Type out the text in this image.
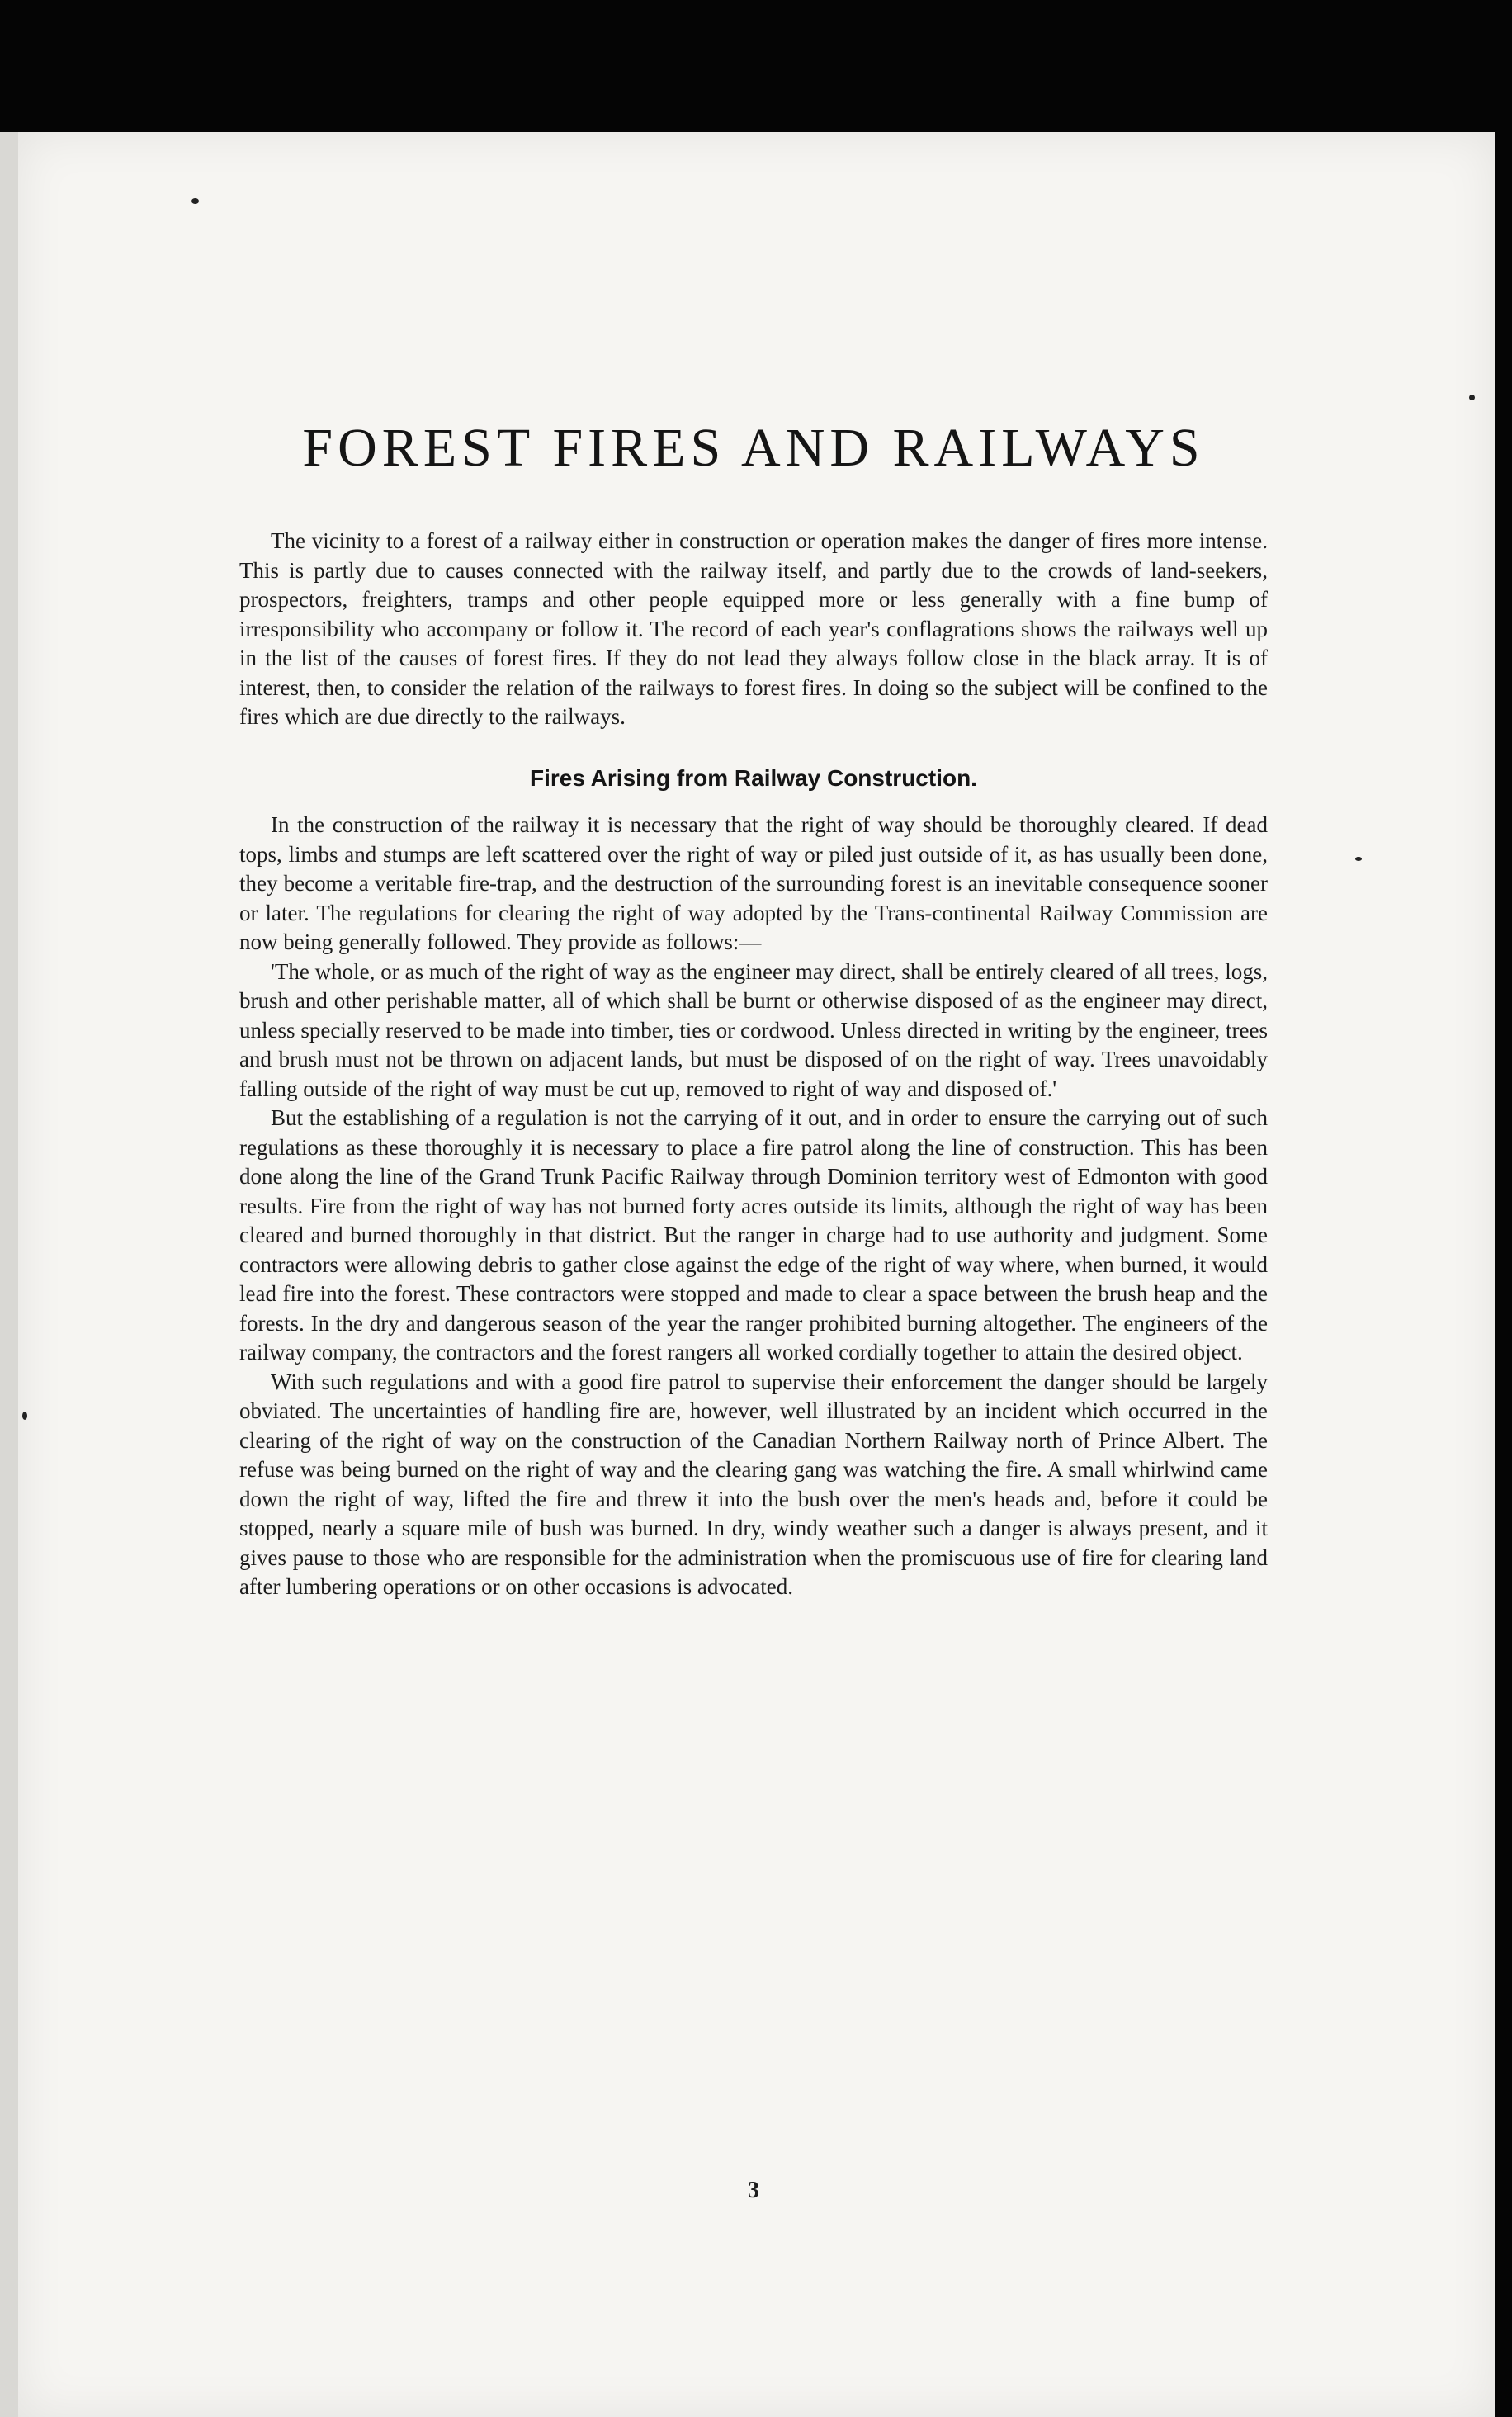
FOREST FIRES AND RAILWAYS

The vicinity to a forest of a railway either in construction or operation makes the danger of fires more intense. This is partly due to causes connected with the railway itself, and partly due to the crowds of land-seekers, prospectors, freighters, tramps and other people equipped more or less generally with a fine bump of irresponsibility who accompany or follow it. The record of each year's conflagrations shows the railways well up in the list of the causes of forest fires. If they do not lead they always follow close in the black array. It is of interest, then, to consider the relation of the railways to forest fires. In doing so the subject will be confined to the fires which are due directly to the railways.

Fires Arising from Railway Construction.

In the construction of the railway it is necessary that the right of way should be thoroughly cleared. If dead tops, limbs and stumps are left scattered over the right of way or piled just outside of it, as has usually been done, they become a veritable fire-trap, and the destruction of the surrounding forest is an inevitable consequence sooner or later. The regulations for clearing the right of way adopted by the Trans-continental Railway Commission are now being generally followed. They provide as follows:—

'The whole, or as much of the right of way as the engineer may direct, shall be entirely cleared of all trees, logs, brush and other perishable matter, all of which shall be burnt or otherwise disposed of as the engineer may direct, unless specially reserved to be made into timber, ties or cordwood. Unless directed in writing by the engineer, trees and brush must not be thrown on adjacent lands, but must be disposed of on the right of way. Trees unavoidably falling outside of the right of way must be cut up, removed to right of way and disposed of.'

But the establishing of a regulation is not the carrying of it out, and in order to ensure the carrying out of such regulations as these thoroughly it is necessary to place a fire patrol along the line of construction. This has been done along the line of the Grand Trunk Pacific Railway through Dominion territory west of Edmonton with good results. Fire from the right of way has not burned forty acres outside its limits, although the right of way has been cleared and burned thoroughly in that district. But the ranger in charge had to use authority and judgment. Some contractors were allowing debris to gather close against the edge of the right of way where, when burned, it would lead fire into the forest. These contractors were stopped and made to clear a space between the brush heap and the forests. In the dry and dangerous season of the year the ranger prohibited burning altogether. The engineers of the railway company, the contractors and the forest rangers all worked cordially together to attain the desired object.

With such regulations and with a good fire patrol to supervise their enforcement the danger should be largely obviated. The uncertainties of handling fire are, however, well illustrated by an incident which occurred in the clearing of the right of way on the construction of the Canadian Northern Railway north of Prince Albert. The refuse was being burned on the right of way and the clearing gang was watching the fire. A small whirlwind came down the right of way, lifted the fire and threw it into the bush over the men's heads and, before it could be stopped, nearly a square mile of bush was burned. In dry, windy weather such a danger is always present, and it gives pause to those who are responsible for the administration when the promiscuous use of fire for clearing land after lumbering operations or on other occasions is advocated.

3
